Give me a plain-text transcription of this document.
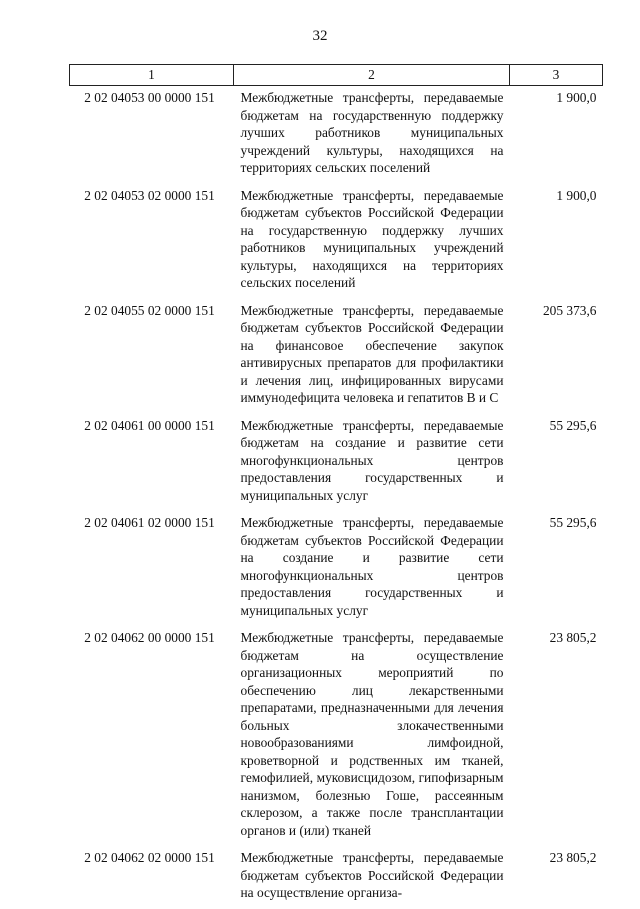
32
1	2	3
2 02 04053 00 0000 151	Межбюджетные трансферты, передаваемые бюджетам на государственную поддержку лучших работников муниципальных учреждений культуры, находящихся на территориях сельских поселений	1 900,0
2 02 04053 02 0000 151	Межбюджетные трансферты, передаваемые бюджетам субъектов Российской Федерации на государственную поддержку лучших работников муниципальных учреждений культуры, находящихся на территориях сельских поселений	1 900,0
2 02 04055 02 0000 151	Межбюджетные трансферты, передаваемые бюджетам субъектов Российской Федерации на финансовое обеспечение закупок антивирусных препаратов для профилактики и лечения лиц, инфицированных вирусами иммунодефицита человека и гепатитов В и С	205 373,6
2 02 04061 00 0000 151	Межбюджетные трансферты, передаваемые бюджетам на создание и развитие сети многофункциональных центров предоставления государственных и муниципальных услуг	55 295,6
2 02 04061 02 0000 151	Межбюджетные трансферты, передаваемые бюджетам субъектов Российской Федерации на создание и развитие сети многофункциональных центров предоставления государственных и муниципальных услуг	55 295,6
2 02 04062 00 0000 151	Межбюджетные трансферты, передаваемые бюджетам на осуществление организационных мероприятий по обеспечению лиц лекарственными препаратами, предназначенными для лечения больных злокачественными новообразованиями лимфоидной, кроветворной и родственных им тканей, гемофилией, муковисцидозом, гипофизарным нанизмом, болезнью Гоше, рассеянным склерозом, а также после трансплантации органов и (или) тканей	23 805,2
2 02 04062 02 0000 151	Межбюджетные трансферты, передаваемые бюджетам субъектов Российской Федерации на осуществление организа-	23 805,2
